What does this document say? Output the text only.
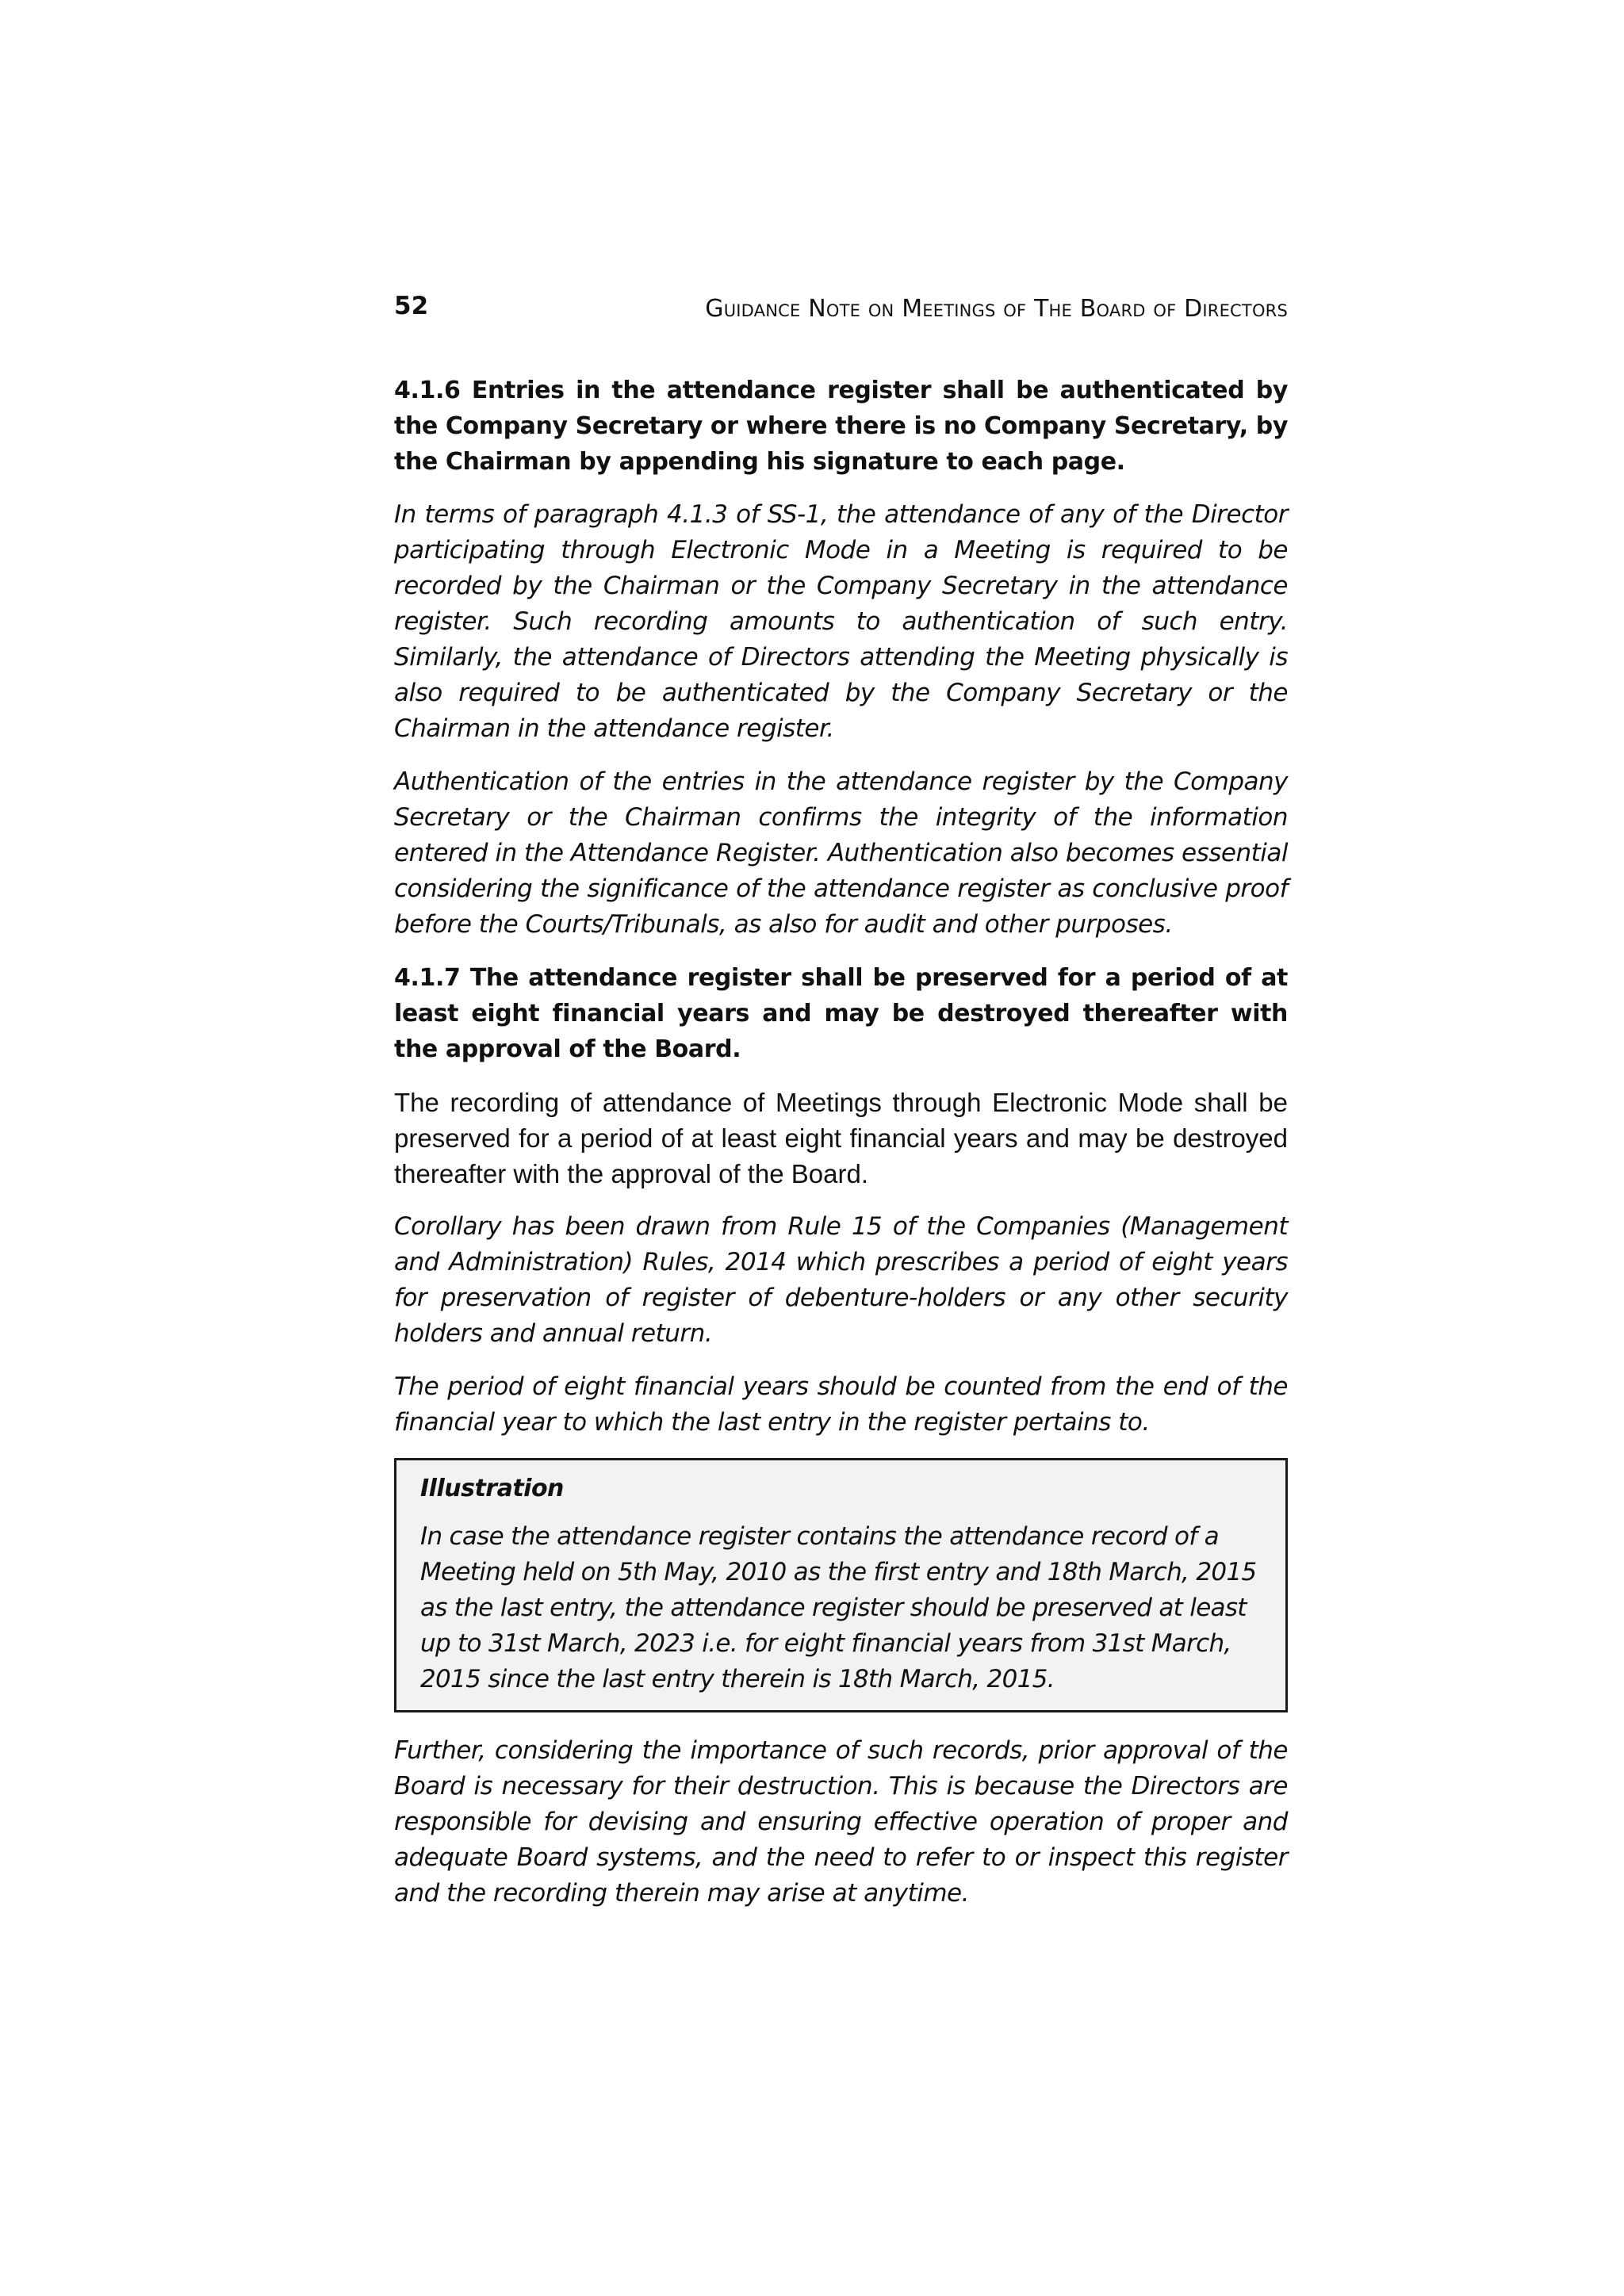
52	Guidance Note on Meetings of The Board of Directors

4.1.6 Entries in the attendance register shall be authenticated by the Company Secretary or where there is no Company Secretary, by the Chairman by appending his signature to each page.

In terms of paragraph 4.1.3 of SS-1, the attendance of any of the Director participating through Electronic Mode in a Meeting is required to be recorded by the Chairman or the Company Secretary in the attendance register. Such recording amounts to authentication of such entry. Similarly, the attendance of Directors attending the Meeting physically is also required to be authenticated by the Company Secretary or the Chairman in the attendance register.

Authentication of the entries in the attendance register by the Company Secretary or the Chairman confirms the integrity of the information entered in the Attendance Register. Authentication also becomes essential considering the significance of the attendance register as conclusive proof before the Courts/Tribunals, as also for audit and other purposes.

4.1.7 The attendance register shall be preserved for a period of at least eight financial years and may be destroyed thereafter with the approval of the Board.

The recording of attendance of Meetings through Electronic Mode shall be preserved for a period of at least eight financial years and may be destroyed thereafter with the approval of the Board.

Corollary has been drawn from Rule 15 of the Companies (Management and Administration) Rules, 2014 which prescribes a period of eight years for preservation of register of debenture-holders or any other security holders and annual return.

The period of eight financial years should be counted from the end of the financial year to which the last entry in the register pertains to.

Illustration

In case the attendance register contains the attendance record of a Meeting held on 5th May, 2010 as the first entry and 18th March, 2015 as the last entry, the attendance register should be preserved at least up to 31st March, 2023 i.e. for eight financial years from 31st March, 2015 since the last entry therein is 18th March, 2015.

Further, considering the importance of such records, prior approval of the Board is necessary for their destruction. This is because the Directors are responsible for devising and ensuring effective operation of proper and adequate Board systems, and the need to refer to or inspect this register and the recording therein may arise at anytime.
